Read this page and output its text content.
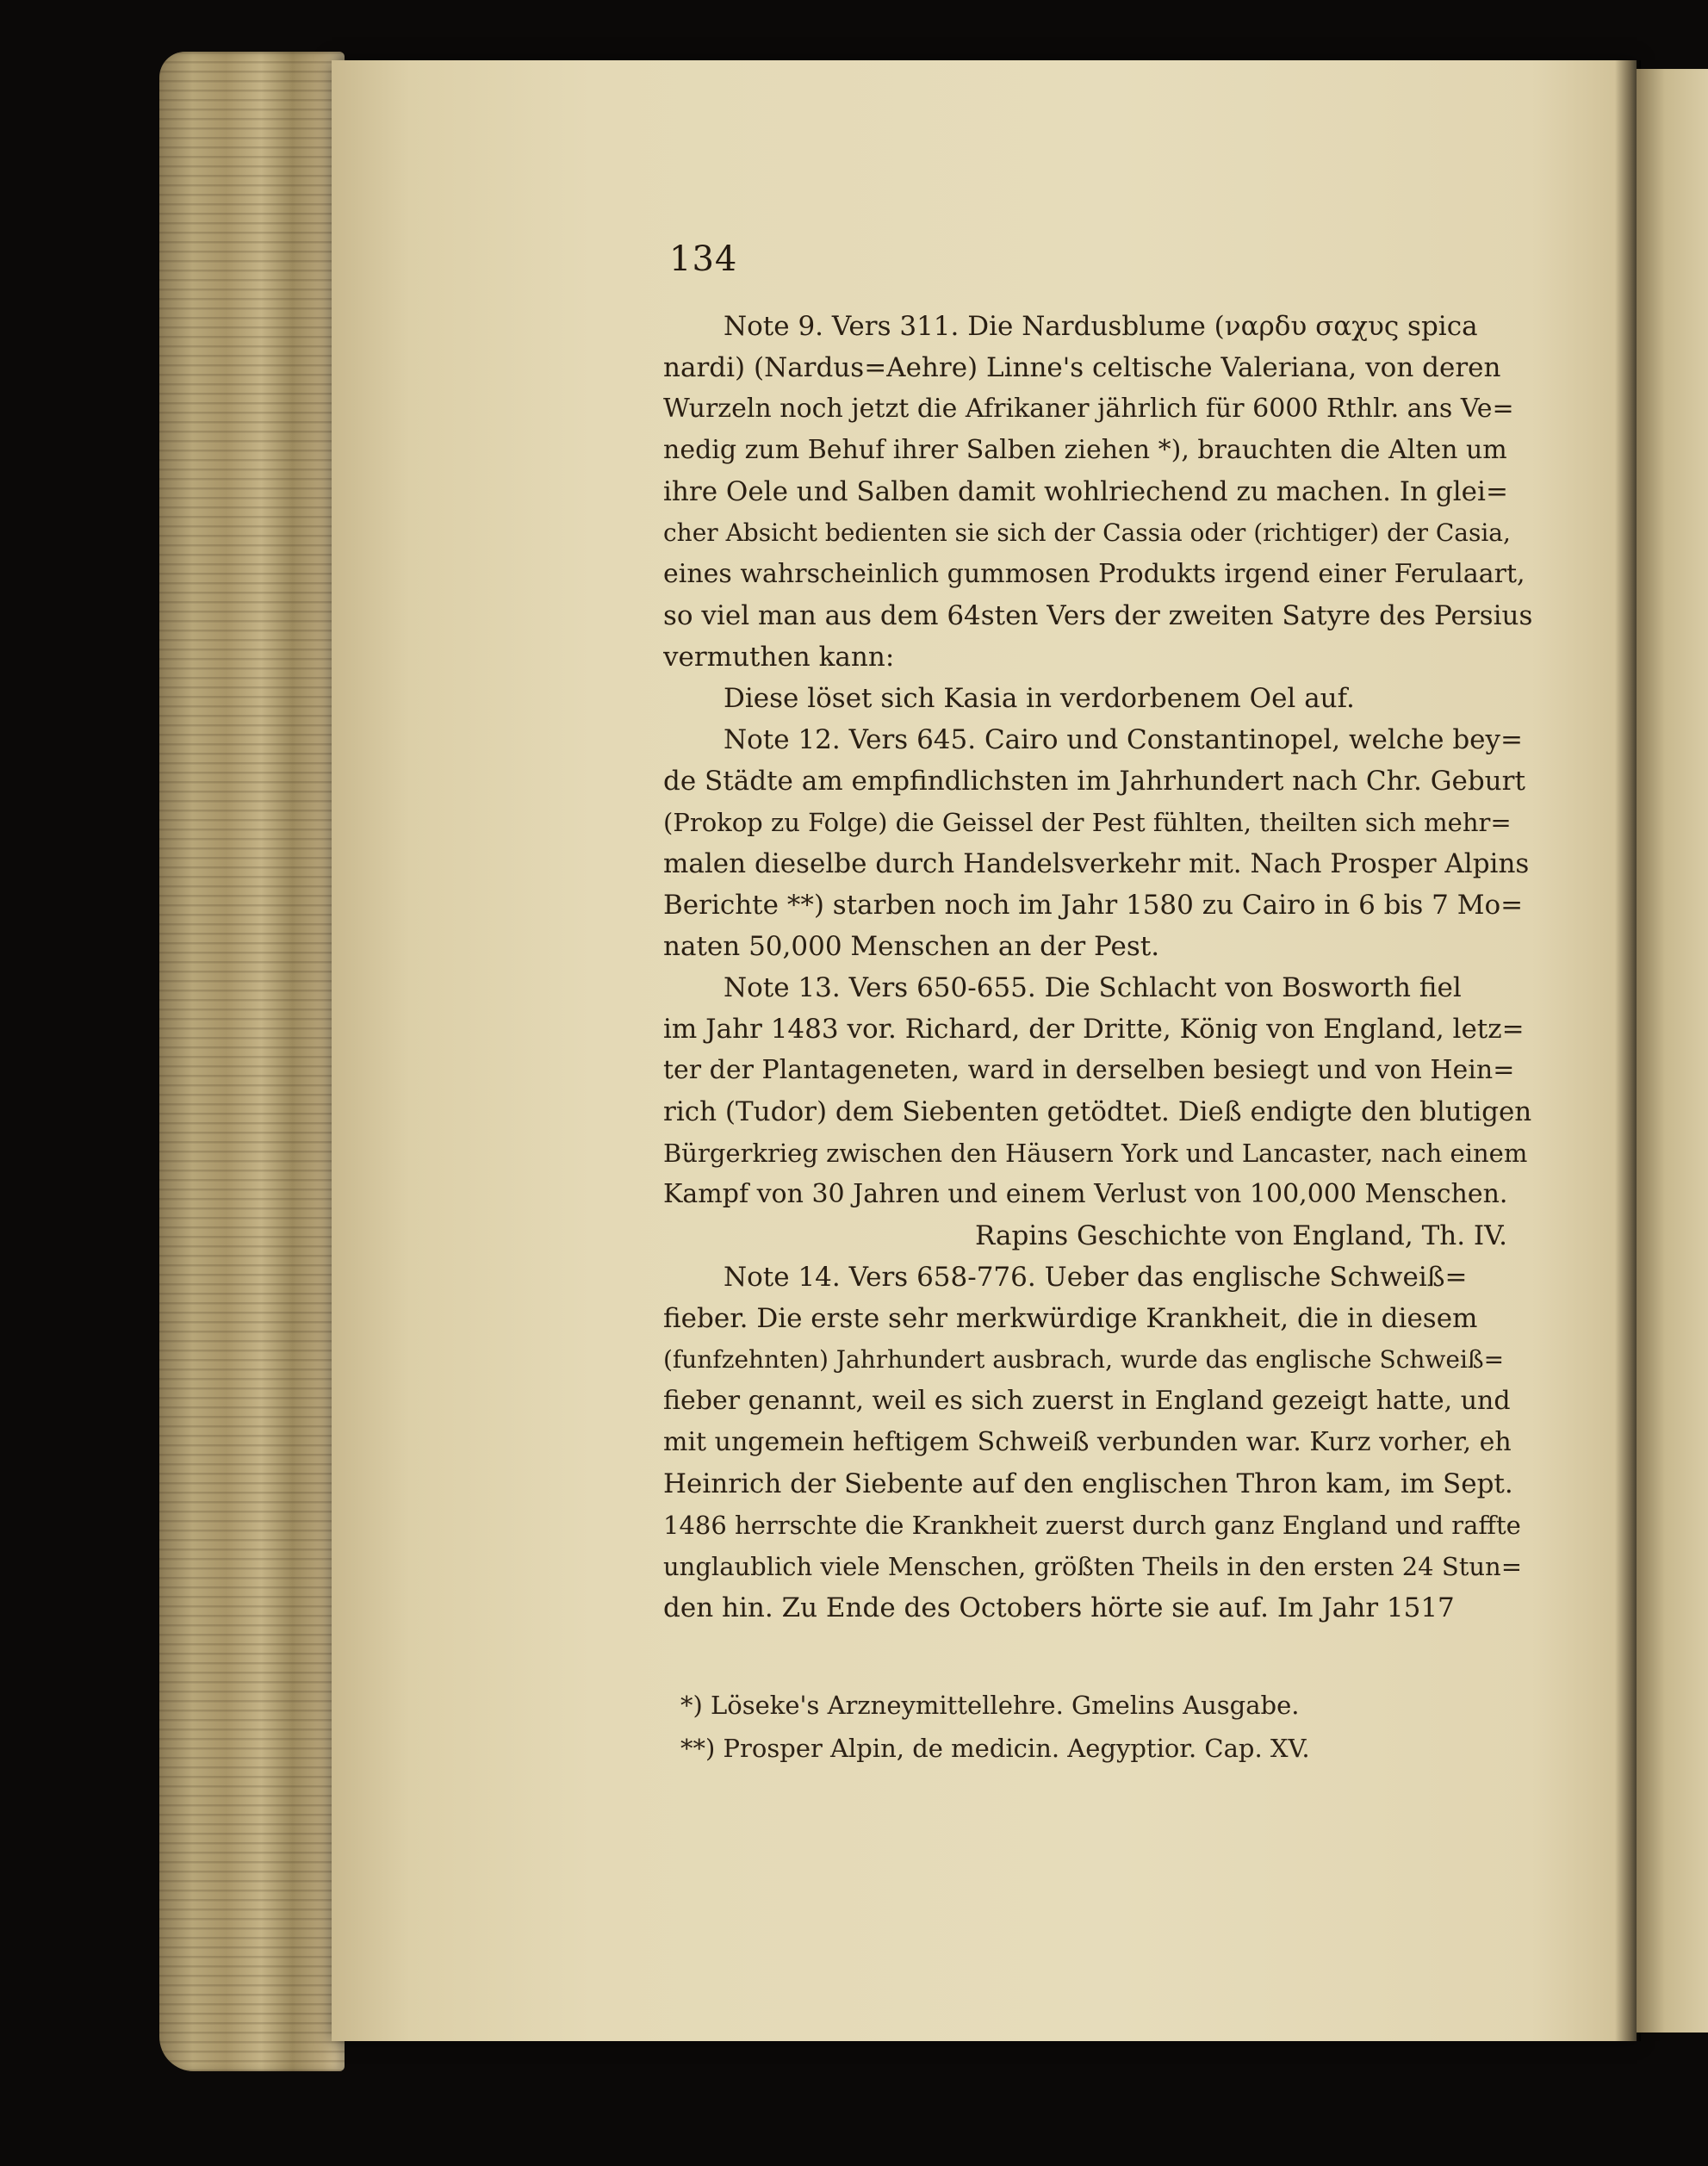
134
Note 9. Vers 311. Die Nardusblume (ναρδυ σαχυς spica
nardi) (Nardus=Aehre) Linne's celtische Valeriana, von deren
Wurzeln noch jetzt die Afrikaner jährlich für 6000 Rthlr. ans Ve=
nedig zum Behuf ihrer Salben ziehen *), brauchten die Alten um
ihre Oele und Salben damit wohlriechend zu machen. In glei=
cher Absicht bedienten sie sich der Cassia oder (richtiger) der Casia,
eines wahrscheinlich gummosen Produkts irgend einer Ferulaart,
so viel man aus dem 64sten Vers der zweiten Satyre des Persius
vermuthen kann:
Diese löset sich Kasia in verdorbenem Oel auf.
Note 12. Vers 645. Cairo und Constantinopel, welche bey=
de Städte am empfindlichsten im Jahrhundert nach Chr. Geburt
(Prokop zu Folge) die Geissel der Pest fühlten, theilten sich mehr=
malen dieselbe durch Handelsverkehr mit. Nach Prosper Alpins
Berichte **) starben noch im Jahr 1580 zu Cairo in 6 bis 7 Mo=
naten 50,000 Menschen an der Pest.
Note 13. Vers 650-655. Die Schlacht von Bosworth fiel
im Jahr 1483 vor. Richard, der Dritte, König von England, letz=
ter der Plantageneten, ward in derselben besiegt und von Hein=
rich (Tudor) dem Siebenten getödtet. Dieß endigte den blutigen
Bürgerkrieg zwischen den Häusern York und Lancaster, nach einem
Kampf von 30 Jahren und einem Verlust von 100,000 Menschen.
Rapins Geschichte von England, Th. IV.
Note 14. Vers 658-776. Ueber das englische Schweiß=
fieber. Die erste sehr merkwürdige Krankheit, die in diesem
(funfzehnten) Jahrhundert ausbrach, wurde das englische Schweiß=
fieber genannt, weil es sich zuerst in England gezeigt hatte, und
mit ungemein heftigem Schweiß verbunden war. Kurz vorher, eh
Heinrich der Siebente auf den englischen Thron kam, im Sept.
1486 herrschte die Krankheit zuerst durch ganz England und raffte
unglaublich viele Menschen, größten Theils in den ersten 24 Stun=
den hin. Zu Ende des Octobers hörte sie auf. Im Jahr 1517
*) Löseke's Arzneymittellehre. Gmelins Ausgabe.
**) Prosper Alpin, de medicin. Aegyptior. Cap. XV.
